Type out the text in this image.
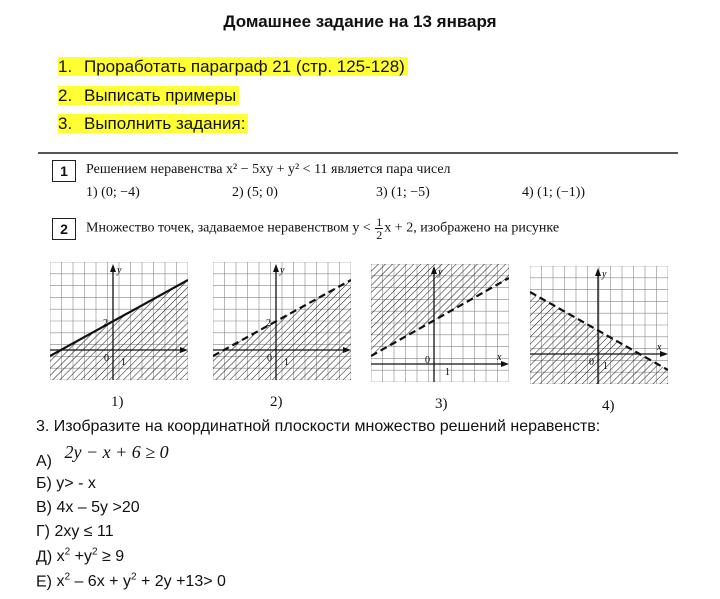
Домашнее задание на 13 января
1. Проработать параграф 21 (стр. 125-128)
2. Выписать примеры
3. Выполнить задания:
1	Решением неравенства x² − 5xy + y² < 11 является пара чисел
1) (0; −4)	2) (5; 0)	3) (1; −5)	4) (1; (−1))
2	Множество точек, задаваемое неравенством $y < \frac{1}{2}$ x + 2, изображено на рисунке
y
2
0 1
1)
y
2
0 1
2)
y
x
0
1
3)
y
x
0 1
4)
3. Изобразите на координатной плоскости множество решений неравенств:
А) 2y − x + 6 ≥ 0
Б) y> - x
В) 4x – 5y >20
Г) 2xy ≤ 11
Д) $x^2 +y^2 \ge 9$
Е) $x^2 - 6x + y^2 + 2y +13> 0$
